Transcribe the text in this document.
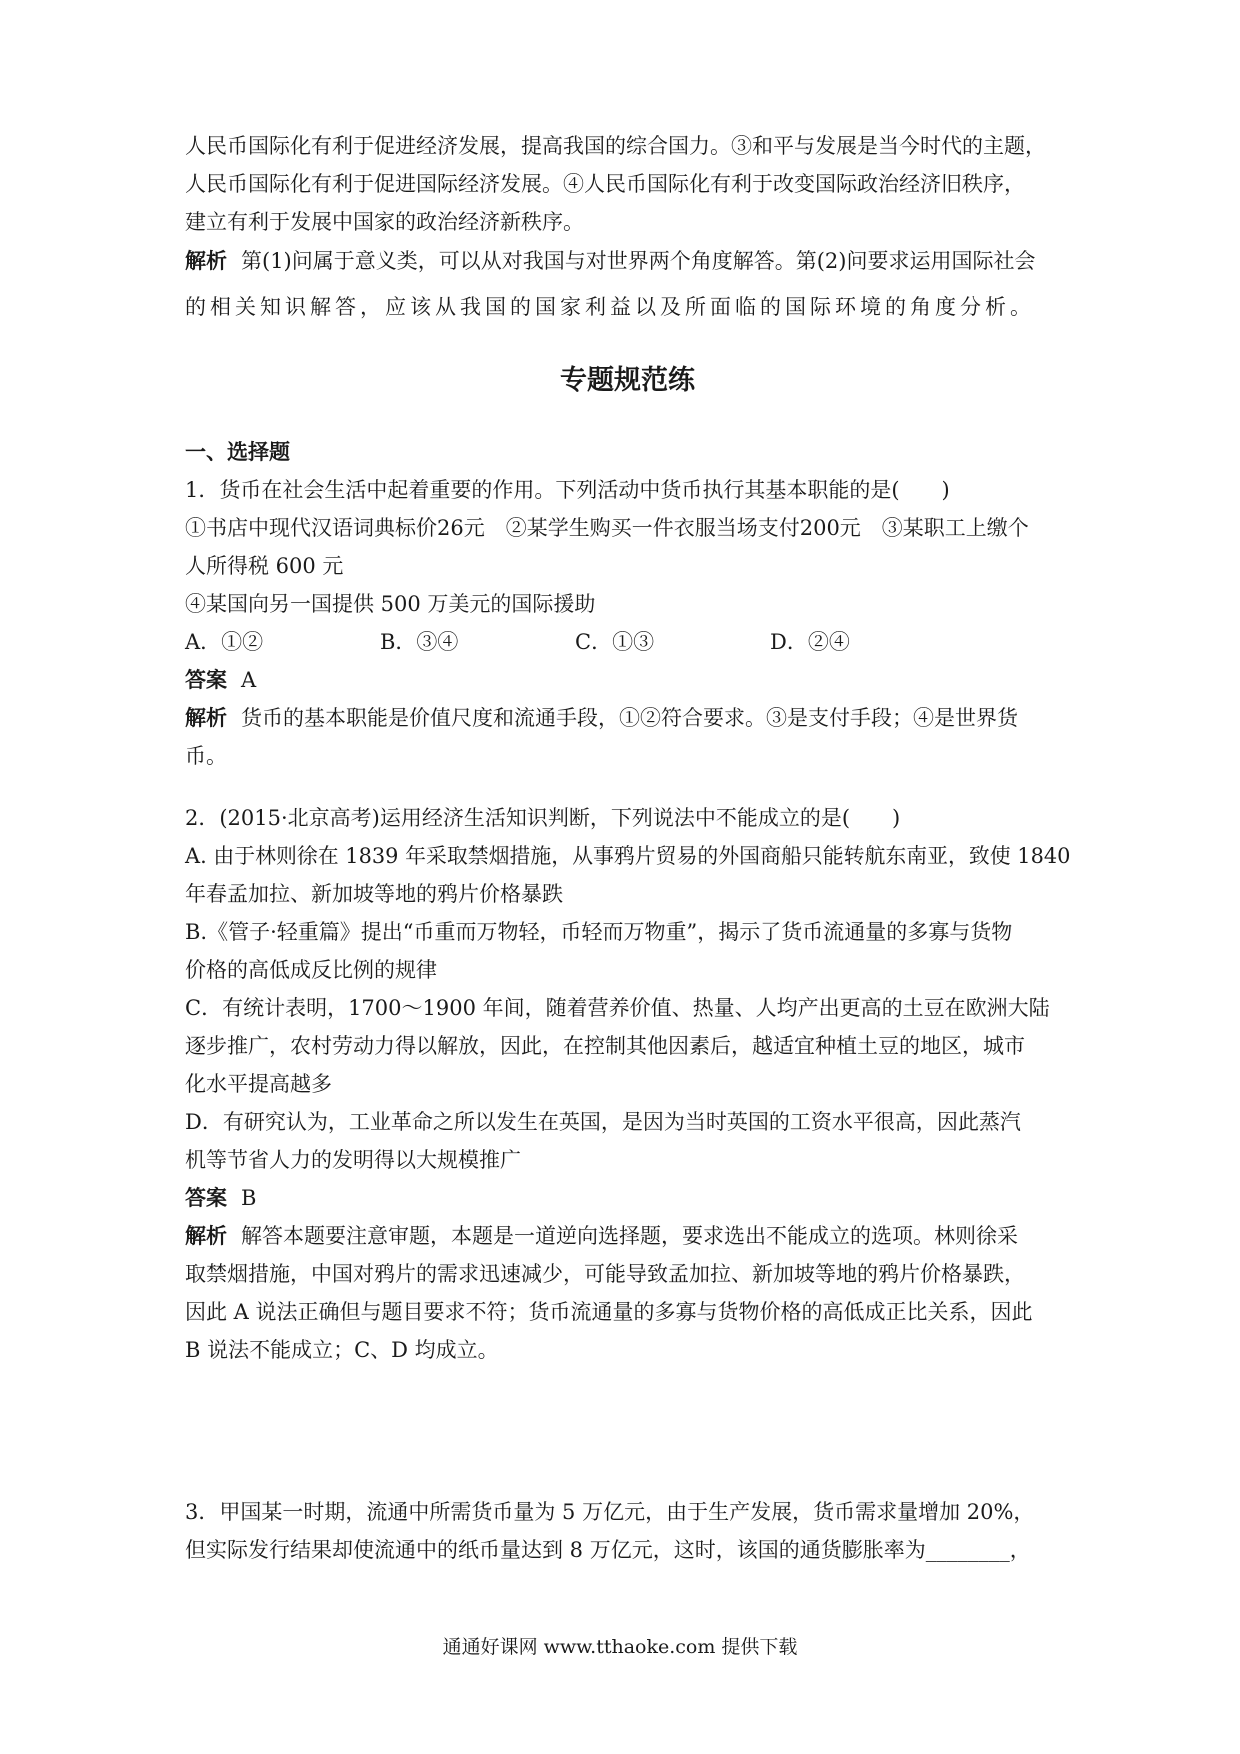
人民币国际化有利于促进经济发展，提高我国的综合国力。③和平与发展是当今时代的主题，

人民币国际化有利于促进国际经济发展。④人民币国际化有利于改变国际政治经济旧秩序，

建立有利于发展中国家的政治经济新秩序。

解析 第(1)问属于意义类，可以从对我国与对世界两个角度解答。第(2)问要求运用国际社会

的相关知识解答，应该从我国的国家利益以及所面临的国际环境的角度分析。

专题规范练

一、选择题

1．货币在社会生活中起着重要的作用。下列活动中货币执行其基本职能的是(　　)

①书店中现代汉语词典标价26元　②某学生购买一件衣服当场支付200元　③某职工上缴个

人所得税 600 元

④某国向另一国提供 500 万美元的国际援助

A．①②	B．③④	C．①③	D．②④

答案 A

解析 货币的基本职能是价值尺度和流通手段，①②符合要求。③是支付手段；④是世界货

币。

2．(2015·北京高考)运用经济生活知识判断，下列说法中不能成立的是(　　)

A. 由于林则徐在 1839 年采取禁烟措施，从事鸦片贸易的外国商船只能转航东南亚，致使 1840

年春孟加拉、新加坡等地的鸦片价格暴跌

B.《管子·轻重篇》提出“币重而万物轻，币轻而万物重”，揭示了货币流通量的多寡与货物

价格的高低成反比例的规律

C．有统计表明，1700～1900 年间，随着营养价值、热量、人均产出更高的土豆在欧洲大陆

逐步推广，农村劳动力得以解放，因此，在控制其他因素后，越适宜种植土豆的地区，城市

化水平提高越多

D．有研究认为，工业革命之所以发生在英国，是因为当时英国的工资水平很高，因此蒸汽

机等节省人力的发明得以大规模推广

答案 B

解析 解答本题要注意审题，本题是一道逆向选择题，要求选出不能成立的选项。林则徐采

取禁烟措施，中国对鸦片的需求迅速减少，可能导致孟加拉、新加坡等地的鸦片价格暴跌，

因此 A 说法正确但与题目要求不符；货币流通量的多寡与货物价格的高低成正比关系，因此

B 说法不能成立；C、D 均成立。

3．甲国某一时期，流通中所需货币量为 5 万亿元，由于生产发展，货币需求量增加 20%，

但实际发行结果却使流通中的纸币量达到 8 万亿元，这时，该国的通货膨胀率为________，

通通好课网 www.tthaoke.com 提供下载
